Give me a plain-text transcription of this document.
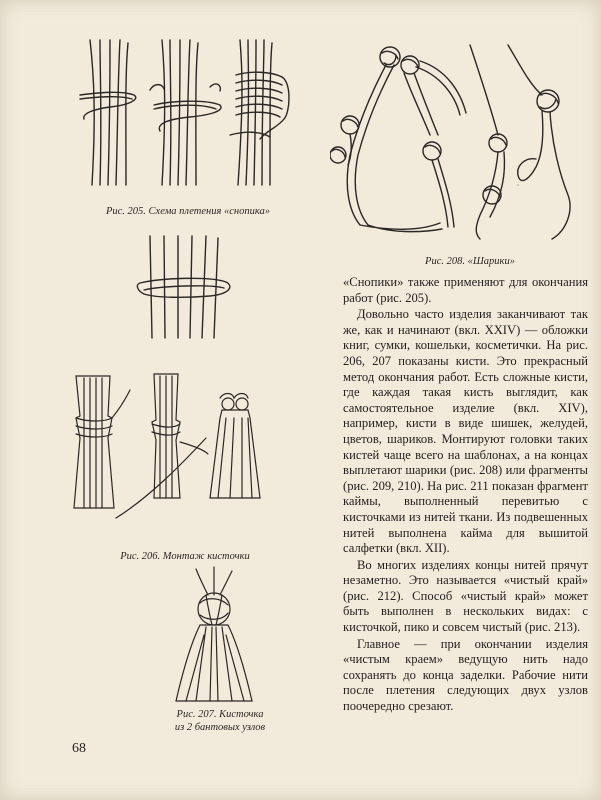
Рис. 205. Схема плетения «снопика»
Рис. 208. «Шарики»
Рис. 206. Монтаж кисточки
Рис. 207. Кисточка
из 2 бантовых узлов

«Снопики» также применяют для окончания работ (рис. 205).

Довольно часто изделия заканчивают так же, как и начинают (вкл. XXIV) — обложки книг, сумки, кошельки, косметички. На рис. 206, 207 показаны кисти. Это прекрасный метод окончания работ. Есть сложные кисти, где каждая такая кисть выглядит, как самостоятельное изделие (вкл. XIV), например, кисти в виде шишек, желудей, цветов, шариков. Монтируют головки таких кистей чаще всего на шаблонах, а на концах выплетают шарики (рис. 208) или фрагменты (рис. 209, 210). На рис. 211 показан фрагмент каймы, выполненный перевитью с кисточками из нитей ткани. Из подвешенных нитей выполнена кайма для вышитой салфетки (вкл. XII).

Во многих изделиях концы нитей прячут незаметно. Это называется «чистый край» (рис. 212). Способ «чистый край» может быть выполнен в нескольких видах: с кисточкой, пико и совсем чистый (рис. 213).

Главное — при окончании изделия «чистым краем» ведущую нить надо сохранять до конца заделки. Рабочие нити после плетения следующих двух узлов поочередно срезают.

68
